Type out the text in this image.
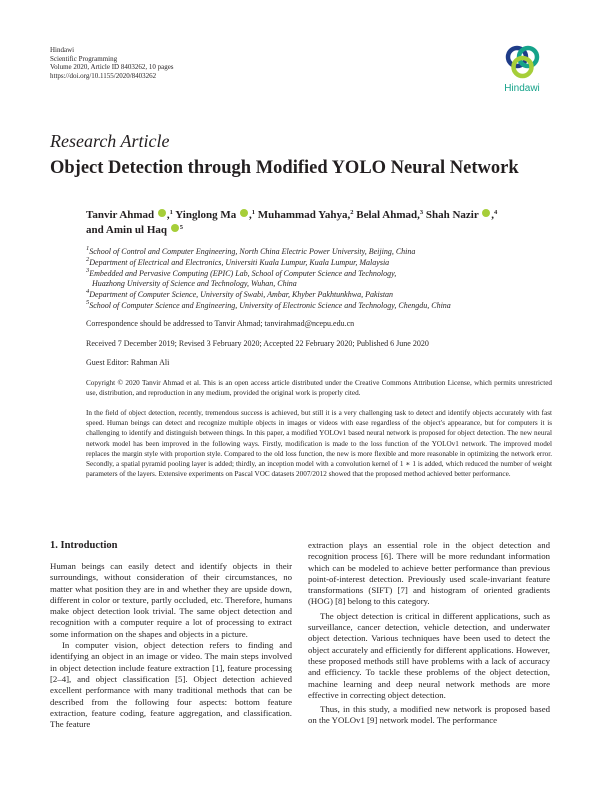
Hindawi
Scientific Programming
Volume 2020, Article ID 8403262, 10 pages
https://doi.org/10.1155/2020/8403262
Hindawi
Research Article
Object Detection through Modified YOLO Neural Network
Tanvir Ahmad ,$^1$ Yinglong Ma ,$^1$ Muhammad Yahya,$^2$ Belal Ahmad,$^3$ Shah Nazir ,$^4$
and Amin ul Haq $^5$
$^1$School of Control and Computer Engineering, North China Electric Power University, Beijing, China
$^2$Department of Electrical and Electronics, Universiti Kuala Lumpur, Kuala Lumpur, Malaysia
$^3$Embedded and Pervasive Computing (EPIC) Lab, School of Computer Science and Technology,
Huazhong University of Science and Technology, Wuhan, China
$^4$Department of Computer Science, University of Swabi, Ambar, Khyber Pakhtunkhwa, Pakistan
$^5$School of Computer Science and Engineering, University of Electronic Science and Technology, Chengdu, China
Correspondence should be addressed to Tanvir Ahmad; tanvirahmad@ncepu.edu.cn
Received 7 December 2019; Revised 3 February 2020; Accepted 22 February 2020; Published 6 June 2020
Guest Editor: Rahman Ali
Copyright © 2020 Tanvir Ahmad et al. This is an open access article distributed under the Creative Commons Attribution License, which permits unrestricted use, distribution, and reproduction in any medium, provided the original work is properly cited.
In the field of object detection, recently, tremendous success is achieved, but still it is a very challenging task to detect and identify objects accurately with fast speed. Human beings can detect and recognize multiple objects in images or videos with ease regardless of the object's appearance, but for computers it is challenging to identify and distinguish between things. In this paper, a modified YOLOv1 based neural network is proposed for object detection. The new neural network model has been improved in the following ways. Firstly, modification is made to the loss function of the YOLOv1 network. The improved model replaces the margin style with proportion style. Compared to the old loss function, the new is more flexible and more reasonable in optimizing the network error. Secondly, a spatial pyramid pooling layer is added; thirdly, an inception model with a convolution kernel of 1 ∗ 1 is added, which reduced the number of weight parameters of the layers. Extensive experiments on Pascal VOC datasets 2007/2012 showed that the proposed method achieved better performance.
1. Introduction

Human beings can easily detect and identify objects in their surroundings, without consideration of their circumstances, no matter what position they are in and whether they are upside down, different in color or texture, partly occluded, etc. Therefore, humans make object detection look trivial. The same object detection and recognition with a computer require a lot of processing to extract some information on the shapes and objects in a picture.

In computer vision, object detection refers to finding and identifying an object in an image or video. The main steps involved in object detection include feature extraction [1], feature processing [2–4], and object classification [5]. Object detection achieved excellent performance with many traditional methods that can be described from the following four aspects: bottom feature extraction, feature coding, feature aggregation, and classification. The feature

extraction plays an essential role in the object detection and recognition process [6]. There will be more redundant information which can be modeled to achieve better performance than previous point-of-interest detection. Previously used scale-invariant feature transformations (SIFT) [7] and histogram of oriented gradients (HOG) [8] belong to this category.

The object detection is critical in different applications, such as surveillance, cancer detection, vehicle detection, and underwater object detection. Various techniques have been used to detect the object accurately and efficiently for different applications. However, these proposed methods still have problems with a lack of accuracy and efficiency. To tackle these problems of the object detection, machine learning and deep neural network methods are more effective in correcting object detection.

Thus, in this study, a modified new network is proposed based on the YOLOv1 [9] network model. The performance
